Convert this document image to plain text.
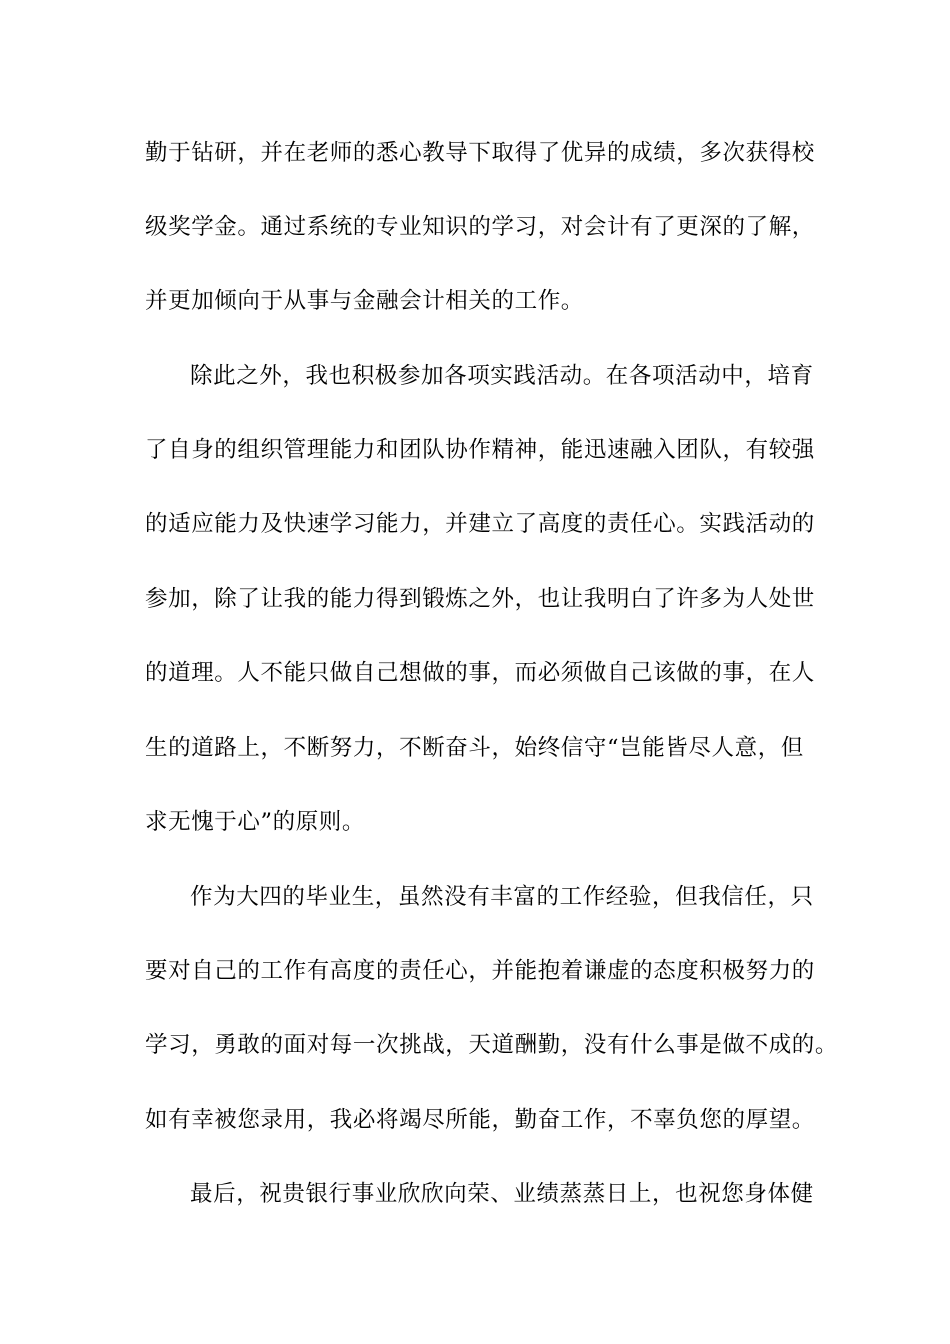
勤于钻研，并在老师的悉心教导下取得了优异的成绩，多次获得校
级奖学金。通过系统的专业知识的学习，对会计有了更深的了解，
并更加倾向于从事与金融会计相关的工作。
除此之外，我也积极参加各项实践活动。在各项活动中，培育
了自身的组织管理能力和团队协作精神，能迅速融入团队，有较强
的适应能力及快速学习能力，并建立了高度的责任心。实践活动的
参加，除了让我的能力得到锻炼之外，也让我明白了许多为人处世
的道理。人不能只做自己想做的事，而必须做自己该做的事，在人
生的道路上，不断努力，不断奋斗，始终信守“岂能皆尽人意，但
求无愧于心”的原则。
作为大四的毕业生，虽然没有丰富的工作经验，但我信任，只
要对自己的工作有高度的责任心，并能抱着谦虚的态度积极努力的
学习，勇敢的面对每一次挑战，天道酬勤，没有什么事是做不成的。
如有幸被您录用，我必将竭尽所能，勤奋工作，不辜负您的厚望。
最后，祝贵银行事业欣欣向荣、业绩蒸蒸日上，也祝您身体健
